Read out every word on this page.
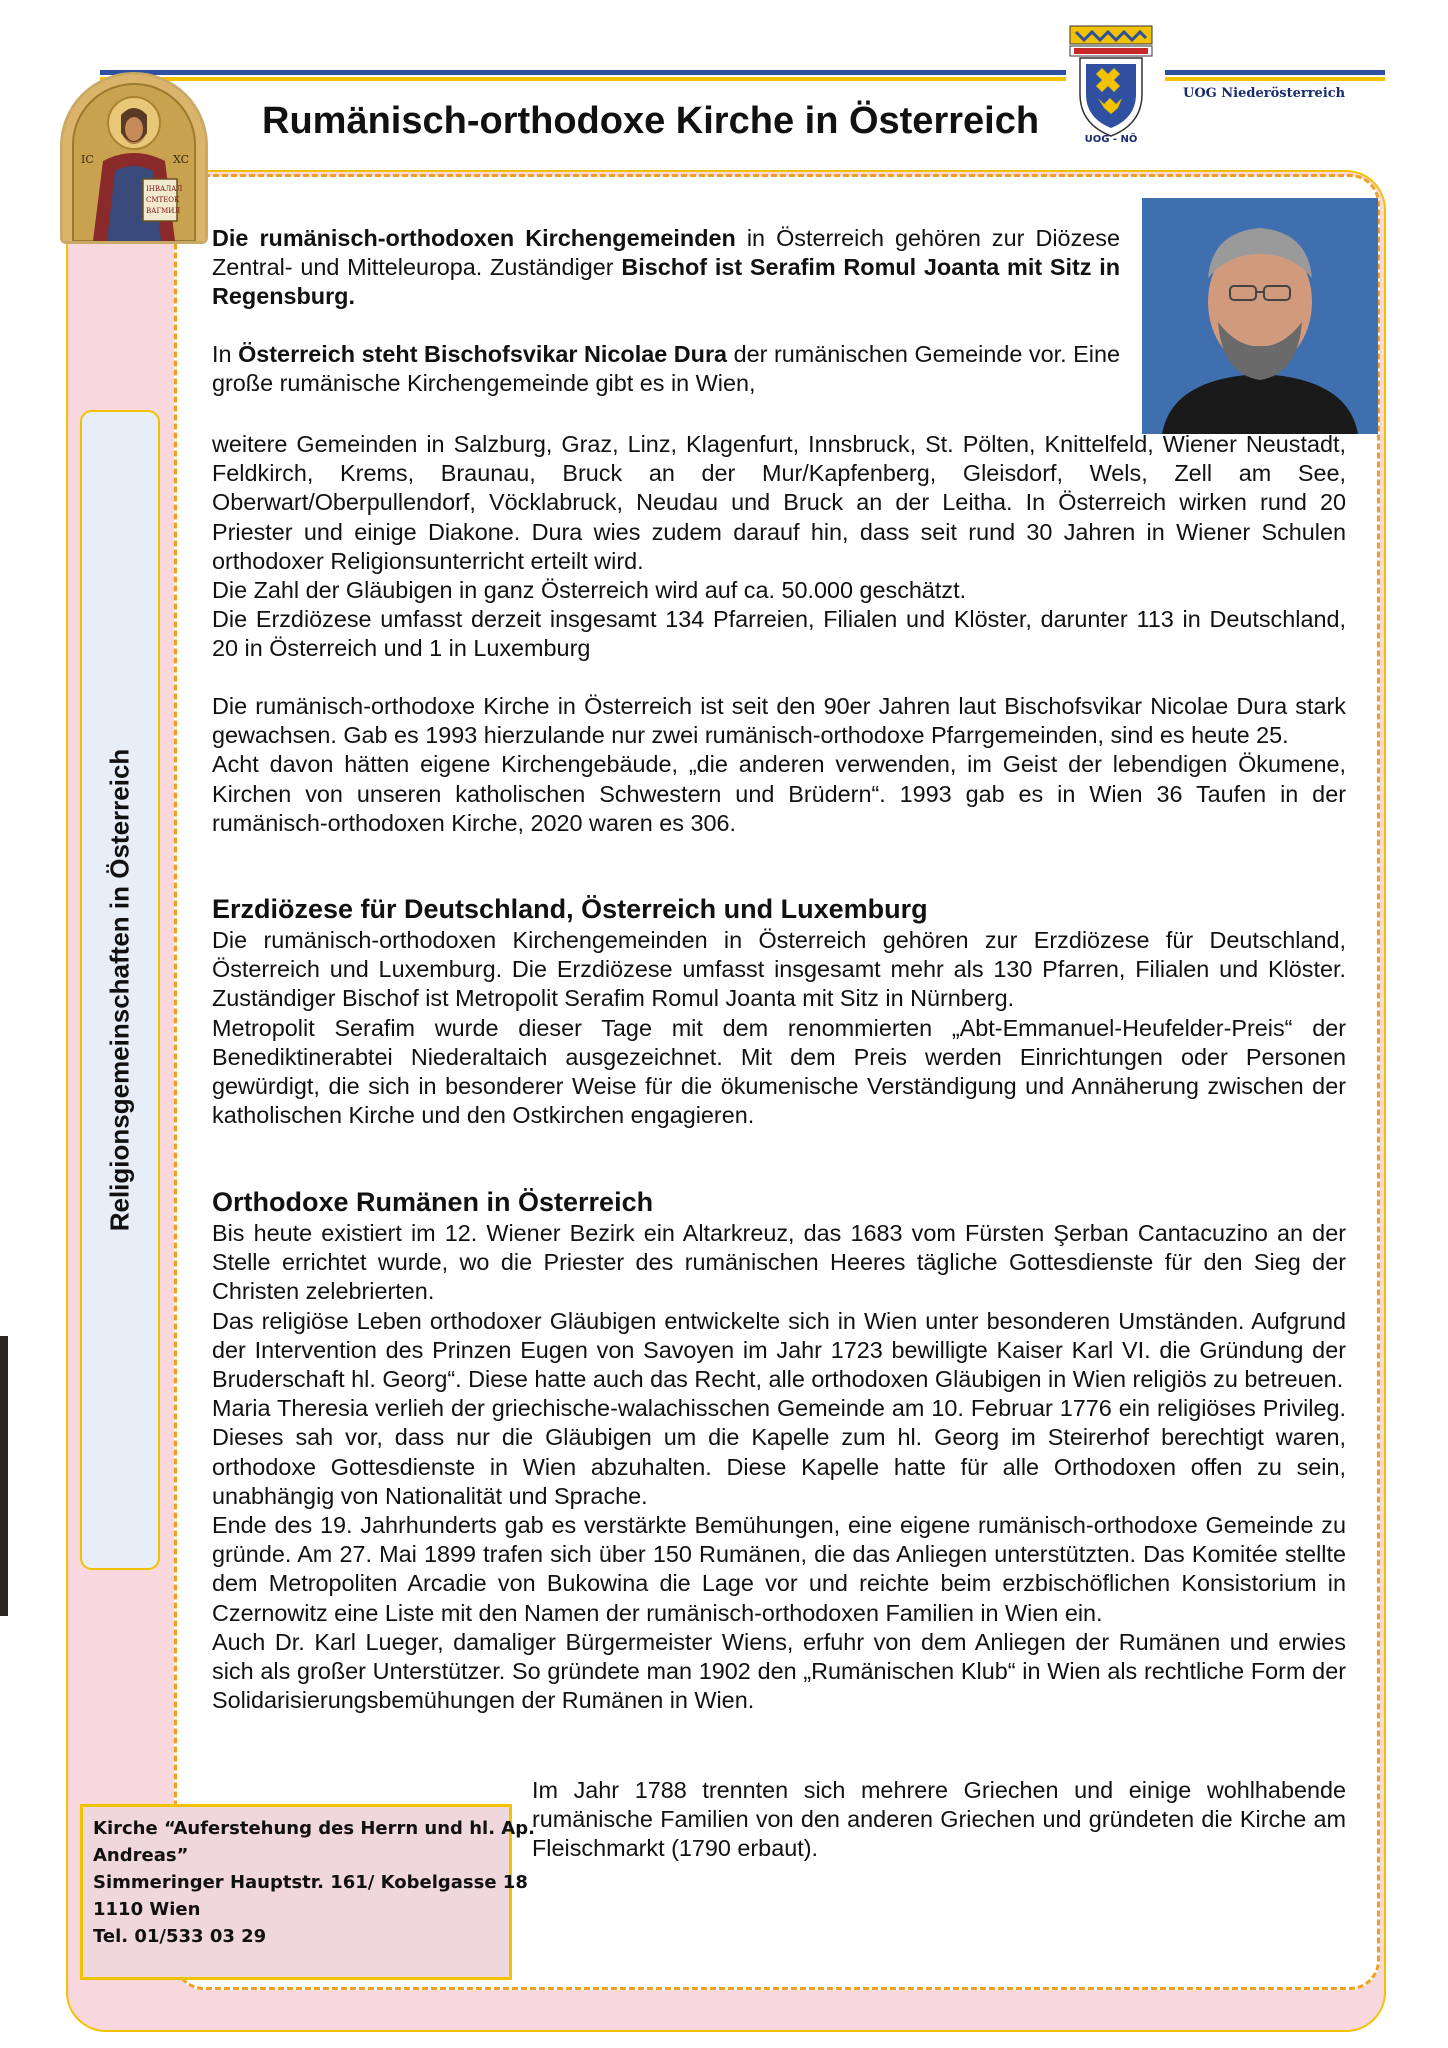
IC	XC
ІНВАЛАЛ
СМТЕОК
ВАГМИЛ
Rumänisch-orthodoxe Kirche in Österreich	UOG - NÖ
UOG Niederösterreich
Religionsgemeinschaften in Österreich

Die rumänisch-orthodoxen Kirchengemeinden in Österreich gehören zur Diözese Zentral- und Mitteleuropa. Zuständiger Bischof ist Serafim Romul Joanta mit Sitz in Regensburg.

In Österreich steht Bischofsvikar Nicolae Dura der rumänischen Gemeinde vor. Eine große rumänische Kirchengemeinde gibt es in Wien,

weitere Gemeinden in Salzburg, Graz, Linz, Klagenfurt, Innsbruck, St. Pölten, Knittelfeld, Wiener Neustadt, Feldkirch, Krems, Braunau, Bruck an der Mur/Kapfenberg, Gleisdorf, Wels, Zell am See, Oberwart/Oberpullendorf, Vöcklabruck, Neudau und Bruck an der Leitha. In Österreich wirken rund 20 Priester und einige Diakone. Dura wies zudem darauf hin, dass seit rund 30 Jahren in Wiener Schulen orthodoxer Religionsunterricht erteilt wird.

Die Zahl der Gläubigen in ganz Österreich wird auf ca. 50.000 geschätzt.

Die Erzdiözese umfasst derzeit insgesamt 134 Pfarreien, Filialen und Klöster, darunter 113 in Deutschland, 20 in Österreich und 1 in Luxemburg

Die rumänisch-orthodoxe Kirche in Österreich ist seit den 90er Jahren laut Bischofsvikar Nicolae Dura stark gewachsen. Gab es 1993 hierzulande nur zwei rumänisch-orthodoxe Pfarrgemeinden, sind es heute 25.

Acht davon hätten eigene Kirchengebäude, „die anderen verwenden, im Geist der lebendigen Ökumene, Kirchen von unseren katholischen Schwestern und Brüdern“. 1993 gab es in Wien 36 Taufen in der rumänisch-orthodoxen Kirche, 2020 waren es 306.

Erzdiözese für Deutschland, Österreich und Luxemburg

Die rumänisch-orthodoxen Kirchengemeinden in Österreich gehören zur Erzdiözese für Deutschland, Österreich und Luxemburg. Die Erzdiözese umfasst insgesamt mehr als 130 Pfarren, Filialen und Klöster. Zuständiger Bischof ist Metropolit Serafim Romul Joanta mit Sitz in Nürnberg.

Metropolit Serafim wurde dieser Tage mit dem renommierten „Abt-Emmanuel-Heufelder-Preis“ der Benediktinerabtei Niederaltaich ausgezeichnet. Mit dem Preis werden Einrichtungen oder Personen gewürdigt, die sich in besonderer Weise für die ökumenische Verständigung und Annäherung zwischen der katholischen Kirche und den Ostkirchen engagieren.

Orthodoxe Rumänen in Österreich

Bis heute existiert im 12. Wiener Bezirk ein Altarkreuz, das 1683 vom Fürsten Şerban Cantacuzino an der Stelle errichtet wurde, wo die Priester des rumänischen Heeres tägliche Gottesdienste für den Sieg der Christen zelebrierten.

Das religiöse Leben orthodoxer Gläubigen entwickelte sich in Wien unter besonderen Umständen. Aufgrund der Intervention des Prinzen Eugen von Savoyen im Jahr 1723 bewilligte Kaiser Karl VI. die Gründung der Bruderschaft hl. Georg“. Diese hatte auch das Recht, alle orthodoxen Gläubigen in Wien religiös zu betreuen.

Maria Theresia verlieh der griechische-walachisschen Gemeinde am 10. Februar 1776 ein religiöses Privileg. Dieses sah vor, dass nur die Gläubigen um die Kapelle zum hl. Georg im Steirerhof berechtigt waren, orthodoxe Gottesdienste in Wien abzuhalten. Diese Kapelle hatte für alle Orthodoxen offen zu sein, unabhängig von Nationalität und Sprache.

Ende des 19. Jahrhunderts gab es verstärkte Bemühungen, eine eigene rumänisch-orthodoxe Gemeinde zu gründe. Am 27. Mai 1899 trafen sich über 150 Rumänen, die das Anliegen unterstützten. Das Komitée stellte dem Metropoliten Arcadie von Bukowina die Lage vor und reichte beim erzbischöflichen Konsistorium in Czernowitz eine Liste mit den Namen der rumänisch-orthodoxen Familien in Wien ein.

Auch Dr. Karl Lueger, damaliger Bürgermeister Wiens, erfuhr von dem Anliegen der Rumänen und erwies sich als großer Unterstützer. So gründete man 1902 den „Rumänischen Klub“ in Wien als rechtliche Form der Solidarisierungsbemühungen der Rumänen in Wien.

Im Jahr 1788 trennten sich mehrere Griechen und einige wohlhabende rumänische Familien von den anderen Griechen und gründeten die Kirche am Fleischmarkt (1790 erbaut).

Kirche “Auferstehung des Herrn und hl. Ap.
Andreas”
Simmeringer Hauptstr. 161/ Kobelgasse 18
1110 Wien
Tel. 01/533 03 29
